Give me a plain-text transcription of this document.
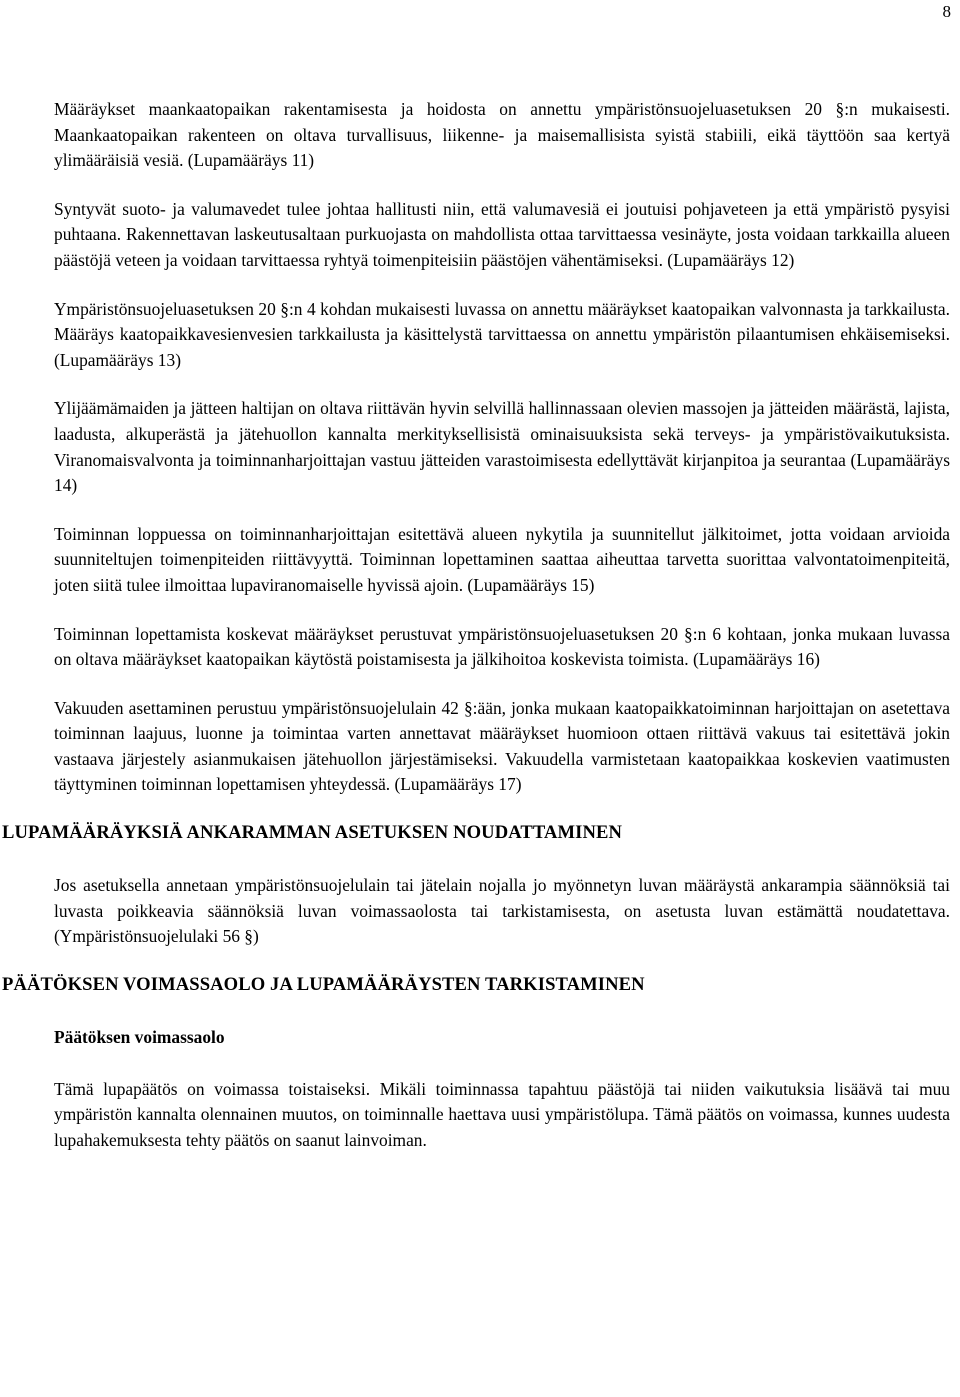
8

Määräykset maankaatopaikan rakentamisesta ja hoidosta on annettu ympäristönsuojeluasetuksen 20 §:n mukaisesti. Maankaatopaikan rakenteen on oltava turvallisuus, liikenne- ja maisemallisista syistä stabiili, eikä täyttöön saa kertyä ylimääräisiä vesiä. (Lupamääräys 11)

Syntyvät suoto- ja valumavedet tulee johtaa hallitusti niin, että valumavesiä ei joutuisi pohjaveteen ja että ympäristö pysyisi puhtaana. Rakennettavan laskeutusaltaan purkuojasta on mahdollista ottaa tarvittaessa vesinäyte, josta voidaan tarkkailla alueen päästöjä veteen ja voidaan tarvittaessa ryhtyä toimenpiteisiin päästöjen vähentämiseksi. (Lupamääräys 12)

Ympäristönsuojeluasetuksen 20 §:n 4 kohdan mukaisesti luvassa on annettu määräykset kaatopaikan valvonnasta ja tarkkailusta. Määräys kaatopaikkavesienvesien tarkkailusta ja käsittelystä tarvittaessa on annettu ympäristön pilaantumisen ehkäisemiseksi. (Lupamääräys 13)

Ylijäämämaiden ja jätteen haltijan on oltava riittävän hyvin selvillä hallinnassaan olevien massojen ja jätteiden määrästä, lajista, laadusta, alkuperästä ja jätehuollon kannalta merkityksellisistä ominaisuuksista sekä terveys- ja ympäristövaikutuksista. Viranomaisvalvonta ja toiminnanharjoittajan vastuu jätteiden varastoimisesta edellyttävät kirjanpitoa ja seurantaa (Lupamääräys 14)

Toiminnan loppuessa on toiminnanharjoittajan esitettävä alueen nykytila ja suunnitellut jälkitoimet, jotta voidaan arvioida suunniteltujen toimenpiteiden riittävyyttä. Toiminnan lopettaminen saattaa aiheuttaa tarvetta suorittaa valvontatoimenpiteitä, joten siitä tulee ilmoittaa lupaviranomaiselle hyvissä ajoin. (Lupamääräys 15)

Toiminnan lopettamista koskevat määräykset perustuvat ympäristönsuojeluasetuksen 20 §:n 6 kohtaan, jonka mukaan luvassa on oltava määräykset kaatopaikan käytöstä poistamisesta ja jälkihoitoa koskevista toimista. (Lupamääräys 16)

Vakuuden asettaminen perustuu ympäristönsuojelulain 42 §:ään, jonka mukaan kaatopaikkatoiminnan harjoittajan on asetettava toiminnan laajuus, luonne ja toimintaa varten annettavat määräykset huomioon ottaen riittävä vakuus tai esitettävä jokin vastaava järjestely asianmukaisen jätehuollon järjestämiseksi. Vakuudella varmistetaan kaatopaikkaa koskevien vaatimusten täyttyminen toiminnan lopettamisen yhteydessä. (Lupamääräys 17)

LUPAMÄÄRÄYKSIÄ ANKARAMMAN ASETUKSEN NOUDATTAMINEN

Jos asetuksella annetaan ympäristönsuojelulain tai jätelain nojalla jo myönnetyn luvan määräystä ankarampia säännöksiä tai luvasta poikkeavia säännöksiä luvan voimassaolosta tai tarkistamisesta, on asetusta luvan estämättä noudatettava. (Ympäristönsuojelulaki 56 §)

PÄÄTÖKSEN VOIMASSAOLO JA LUPAMÄÄRÄYSTEN TARKISTAMINEN
Päätöksen voimassaolo

Tämä lupapäätös on voimassa toistaiseksi. Mikäli toiminnassa tapahtuu päästöjä tai niiden vaikutuksia lisäävä tai muu ympäristön kannalta olennainen muutos, on toiminnalle haettava uusi ympäristölupa. Tämä päätös on voimassa, kunnes uudesta lupahakemuksesta tehty päätös on saanut lainvoiman.
